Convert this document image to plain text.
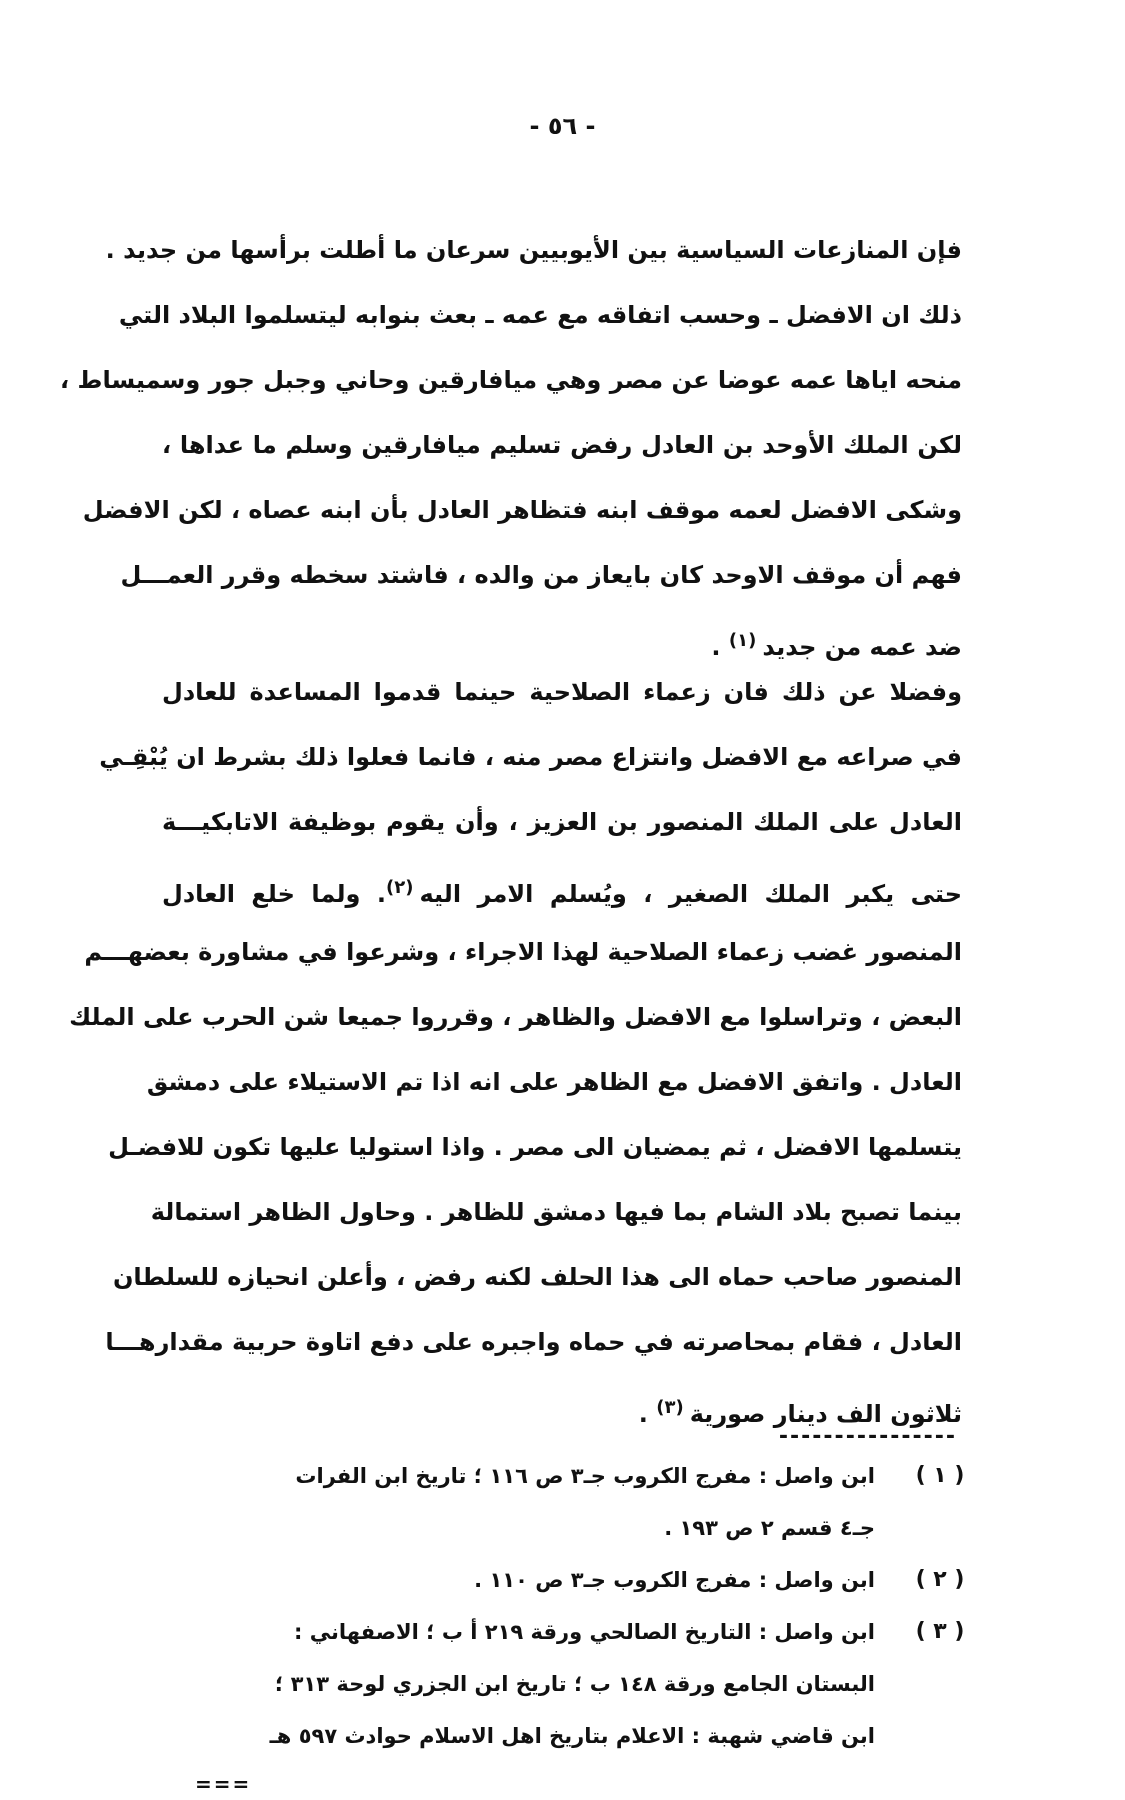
- ٥٦ -
فإن المنازعات السياسية بين الأيوبيين سرعان ما أطلت برأسها من جديد .
ذلك ان الافضل ـ وحسب اتفاقه مع عمه ـ بعث بنوابه ليتسلموا البلاد التي
منحه اياها عمه عوضا عن مصر وهي ميافارقين وحاني وجبل جور وسميساط ،
لكن الملك الأوحد بن العادل رفض تسليم ميافارقين وسلم ما عداها ،
وشكى الافضل لعمه موقف ابنه فتظاهر العادل بأن ابنه عصاه ، لكن الافضل
فهم أن موقف الاوحد كان بايعاز من والده ، فاشتد سخطه وقرر العمـــل
ضد عمه من جديد$^{(١)}$ .
وفضلا عن ذلك فان زعماء الصلاحية حينما قدموا المساعدة للعادل
في صراعه مع الافضل وانتزاع مصر منه ، فانما فعلوا ذلك بشرط ان يُبْقِـي
العادل على الملك المنصور بن العزيز ، وأن يقوم بوظيفة الاتابكيـــة
حتى يكبر الملك الصغير ، ويُسلم الامر اليه$^{(٢)}$. ولما خلع العادل
المنصور غضب زعماء الصلاحية لهذا الاجراء ، وشرعوا في مشاورة بعضهـــم
البعض ، وتراسلوا مع الافضل والظاهر ، وقرروا جميعا شن الحرب على الملك
العادل . واتفق الافضل مع الظاهر على انه اذا تم الاستيلاء على دمشق
يتسلمها الافضل ، ثم يمضيان الى مصر . واذا استوليا عليها تكون للافضـل
بينما تصبح بلاد الشام بما فيها دمشق للظاهر . وحاول الظاهر استمالة
المنصور صاحب حماه الى هذا الحلف لكنه رفض ، وأعلن انحيازه للسلطان
العادل ، فقام بمحاصرته في حماه واجبره على دفع اتاوة حربية مقدارهـــا
ثلاثون الف دينار صورية$^{(٣)}$ .
----------------
( ١ )
ابن واصل : مفرج الكروب جـ٣ ص ١١٦ ؛ تاريخ ابن الفرات
جـ٤ قسم ٢ ص ١٩٣ .
( ٢ )
ابن واصل : مفرج الكروب جـ٣ ص ١١٠ .
( ٣ )
ابن واصل : التاريخ الصالحي ورقة ٢١٩ أ ب ؛ الاصفهاني :
البستان الجامع ورقة ١٤٨ ب ؛ تاريخ ابن الجزري لوحة ٣١٣ ؛
ابن قاضي شهبة : الاعلام بتاريخ اهل الاسلام حوادث ٥٩٧ هـ
===
